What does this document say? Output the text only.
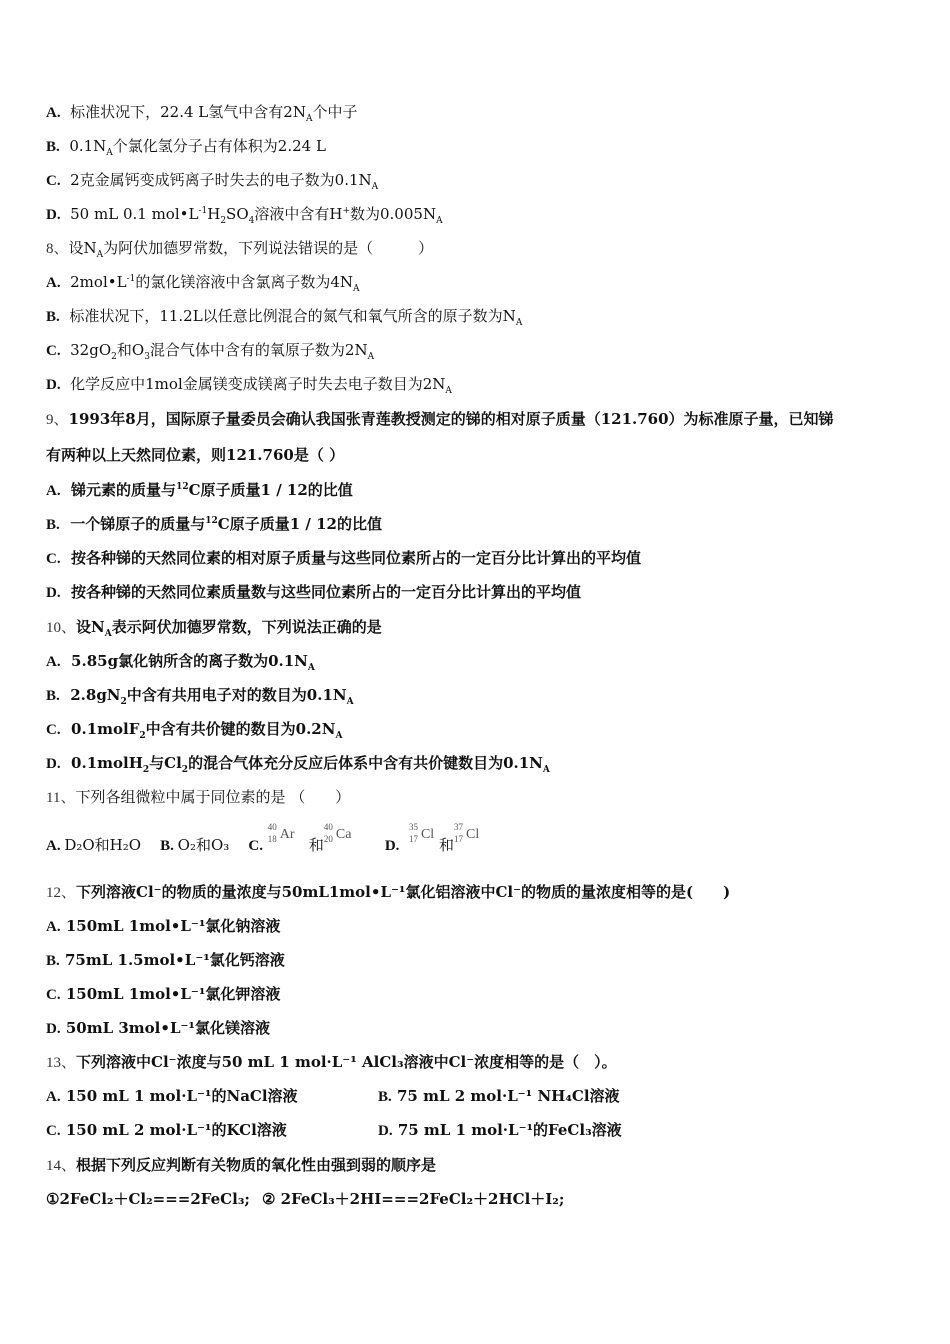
A. 标准状况下，22.4 L氢气中含有$2N_A$个中子
B. $0.1N_A$个氯化氢分子占有体积为2.24 L
C. 2克金属钙变成钙离子时失去的电子数为$0.1N_A$
D. 50 mL 0.1 $mol•L^{-1}H_2SO_4$溶液中含有H+数为$0.005N_A$
8、设$N_A$为阿伏加德罗常数，下列说法错误的是（　　　）
A. $2mol•L^{-1}$的氯化镁溶液中含氯离子数为$4N_A$
B. 标准状况下，11.2L以任意比例混合的氮气和氧气所含的原子数为$N_A$
C. $32gO_2$和$O_3$混合气体中含有的氧原子数为$2N_A$
D. 化学反应中1mol金属镁变成镁离子时失去电子数目为$2N_A$
9、1993年8月，国际原子量委员会确认我国张青莲教授测定的锑的相对原子质量（121.760）为标准原子量，已知锑
有两种以上天然同位素，则121.760是（ ）
A. 锑元素的质量与$^{12}$C原子质量1 / 12的比值
B. 一个锑原子的质量与$^{12}$C原子质量1 / 12的比值
C. 按各种锑的天然同位素的相对原子质量与这些同位素所占的一定百分比计算出的平均值
D. 按各种锑的天然同位素质量数与这些同位素所占的一定百分比计算出的平均值
10、设$N_A$表示阿伏加德罗常数，下列说法正确的是
A. 5.85g氯化钠所含的离子数为$0.1N_A$
B. $2.8gN_2$中含有共用电子对的数目为$0.1N_A$
C. 0.1molF$_2$中含有共价键的数目为$0.2N_A$
D. 0.1molH$_2$与$Cl_2$的混合气体充分反应后体系中含有共价键数目为$0.1N_A$
11、下列各组微粒中属于同位素的是 （　　）
A. D₂O和H₂O B. O₂和O₃ C.
40
18 Ar   和
40
20 Ca       D.
35
17 Cl 和
37
17 Cl
12、下列溶液Cl⁻的物质的量浓度与50mL1mol•L⁻¹氯化铝溶液中Cl⁻的物质的量浓度相等的是(　　)
A. 150mL 1mol•L⁻¹氯化钠溶液
B. 75mL 1.5mol•L⁻¹氯化钙溶液
C. 150mL 1mol•L⁻¹氯化钾溶液
D. 50mL 3mol•L⁻¹氯化镁溶液
13、下列溶液中Cl⁻浓度与50 mL 1 mol·L⁻¹ AlCl₃溶液中Cl⁻浓度相等的是（　）。
A. 150 mL 1 mol·L⁻¹的NaCl溶液	B. 75 mL 2 mol·L⁻¹ NH₄Cl溶液
C. 150 mL 2 mol·L⁻¹的KCl溶液	D. 75 mL 1 mol·L⁻¹的FeCl₃溶液
14、根据下列反应判断有关物质的氧化性由强到弱的顺序是
①2FeCl₂＋Cl₂===2FeCl₃; ② 2FeCl₃＋2HI===2FeCl₂＋2HCl＋I₂;
